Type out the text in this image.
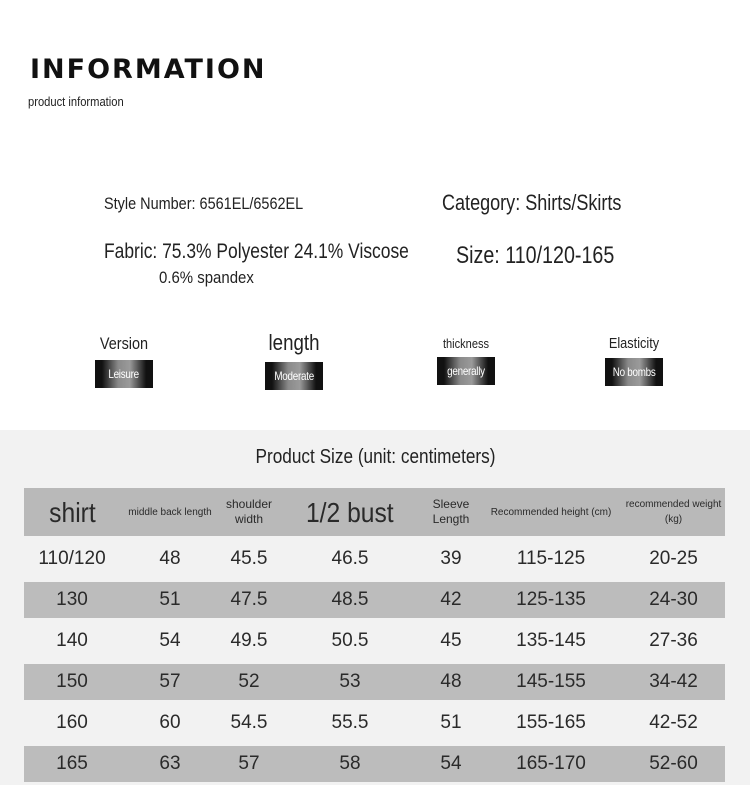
INFORMATION
product information
Style Number: 6561EL/6562EL	Category: Shirts/Skirts
Fabric: 75.3% Polyester 24.1% Viscose
0.6% spandex
Size: 110/120-165
Version
Leisure
length
Moderate
thickness
generally
Elasticity
No bombs
Product Size (unit: centimeters)
shirt	middle back length	shoulder width	1/2 bust	Sleeve Length	Recommended height (cm)	recommended weight (kg)
110/120	48	45.5	46.5	39	115-125	20-25
130	51	47.5	48.5	42	125-135	24-30
140	54	49.5	50.5	45	135-145	27-36
150	57	52	53	48	145-155	34-42
160	60	54.5	55.5	51	155-165	42-52
165	63	57	58	54	165-170	52-60
